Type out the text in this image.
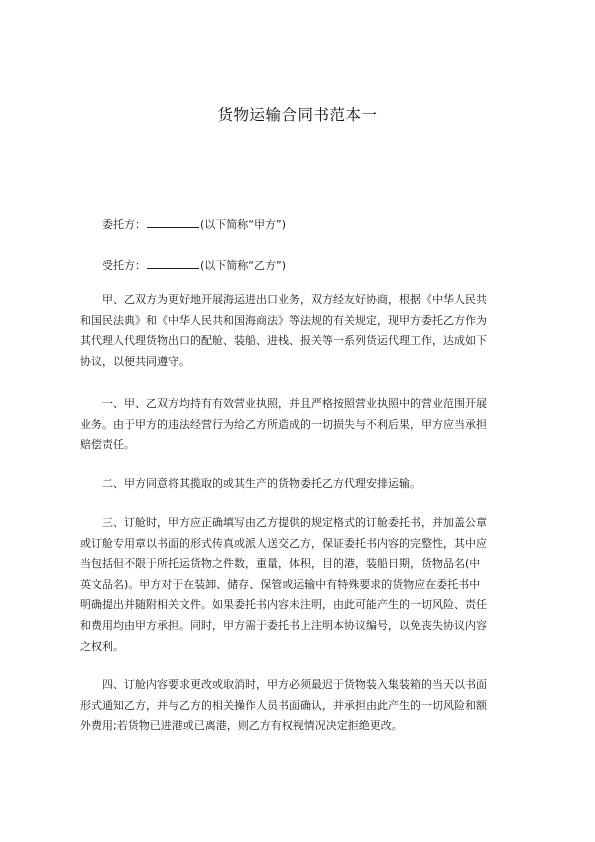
货物运输合同书范本一
委托方：	(以下简称“甲方”)
受托方：	(以下简称“乙方”)
甲、乙双方为更好地开展海运进出口业务，双方经友好协商，根据《中华人民共
和国民法典》和《中华人民共和国海商法》等法规的有关规定，现甲方委托乙方作为
其代理人代理货物出口的配舱、装船、进栈、报关等一系列货运代理工作，达成如下
协议，以便共同遵守。
一、甲、乙双方均持有有效营业执照，并且严格按照营业执照中的营业范围开展
业务。由于甲方的违法经营行为给乙方所造成的一切损失与不利后果，甲方应当承担
赔偿责任。
二、甲方同意将其揽取的或其生产的货物委托乙方代理安排运输。
三、订舱时，甲方应正确填写由乙方提供的规定格式的订舱委托书，并加盖公章
或订舱专用章以书面的形式传真或派人送交乙方，保证委托书内容的完整性，其中应
当包括但不限于所托运货物之件数，重量，体积，目的港，装船日期，货物品名(中
英文品名)。甲方对于在装卸、储存、保管或运输中有特殊要求的货物应在委托书中
明确提出并随附相关文件。如果委托书内容未注明，由此可能产生的一切风险、责任
和费用均由甲方承担。同时，甲方需于委托书上注明本协议编号，以免丧失协议内容
之权利。
四、订舱内容要求更改或取消时，甲方必须最迟于货物装入集装箱的当天以书面
形式通知乙方，并与乙方的相关操作人员书面确认，并承担由此产生的一切风险和额
外费用;若货物已进港或已离港，则乙方有权视情况决定拒绝更改。
